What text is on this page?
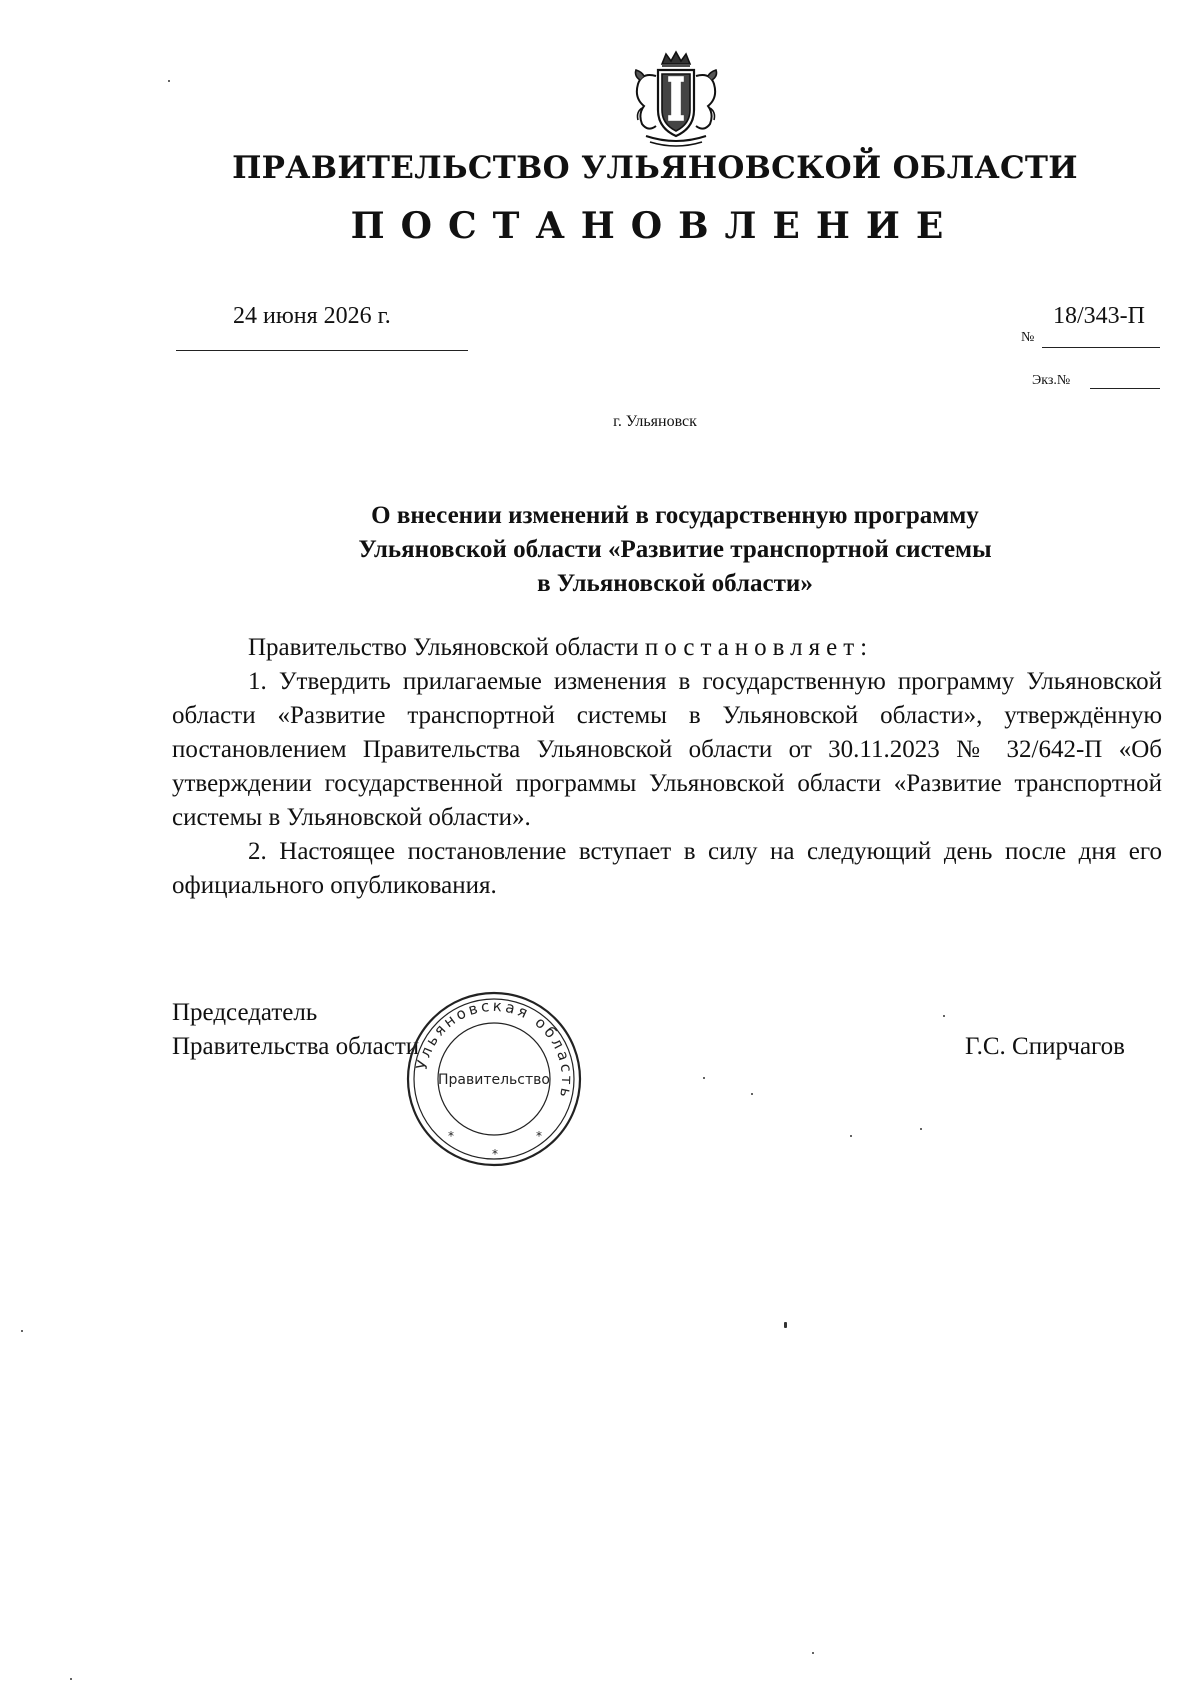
ПРАВИТЕЛЬСТВО УЛЬЯНОВСКОЙ ОБЛАСТИ
ПОСТАНОВЛЕНИЕ
24 июня 2026 г.
№
18/343-П
Экз.№
г. Ульяновск
О внесении изменений в государственную программу
Ульяновской области «Развитие транспортной системы
в Ульяновской области»

Правительство Ульяновской области постановляет:

1. Утвердить прилагаемые изменения в государственную программу Ульяновской области «Развитие транспортной системы в Ульяновской области», утверждённую постановлением Правительства Ульяновской области от 30.11.2023 № 32/642-П «Об утверждении государственной программы Ульяновской области «Развитие транспортной системы в Ульяновской области».

2. Настоящее постановление вступает в силу на следующий день после дня его официального опубликования.

Председатель
Правительства области	Г.С. Спирчагов
Ульяновская область
*
*
*
Правительство
